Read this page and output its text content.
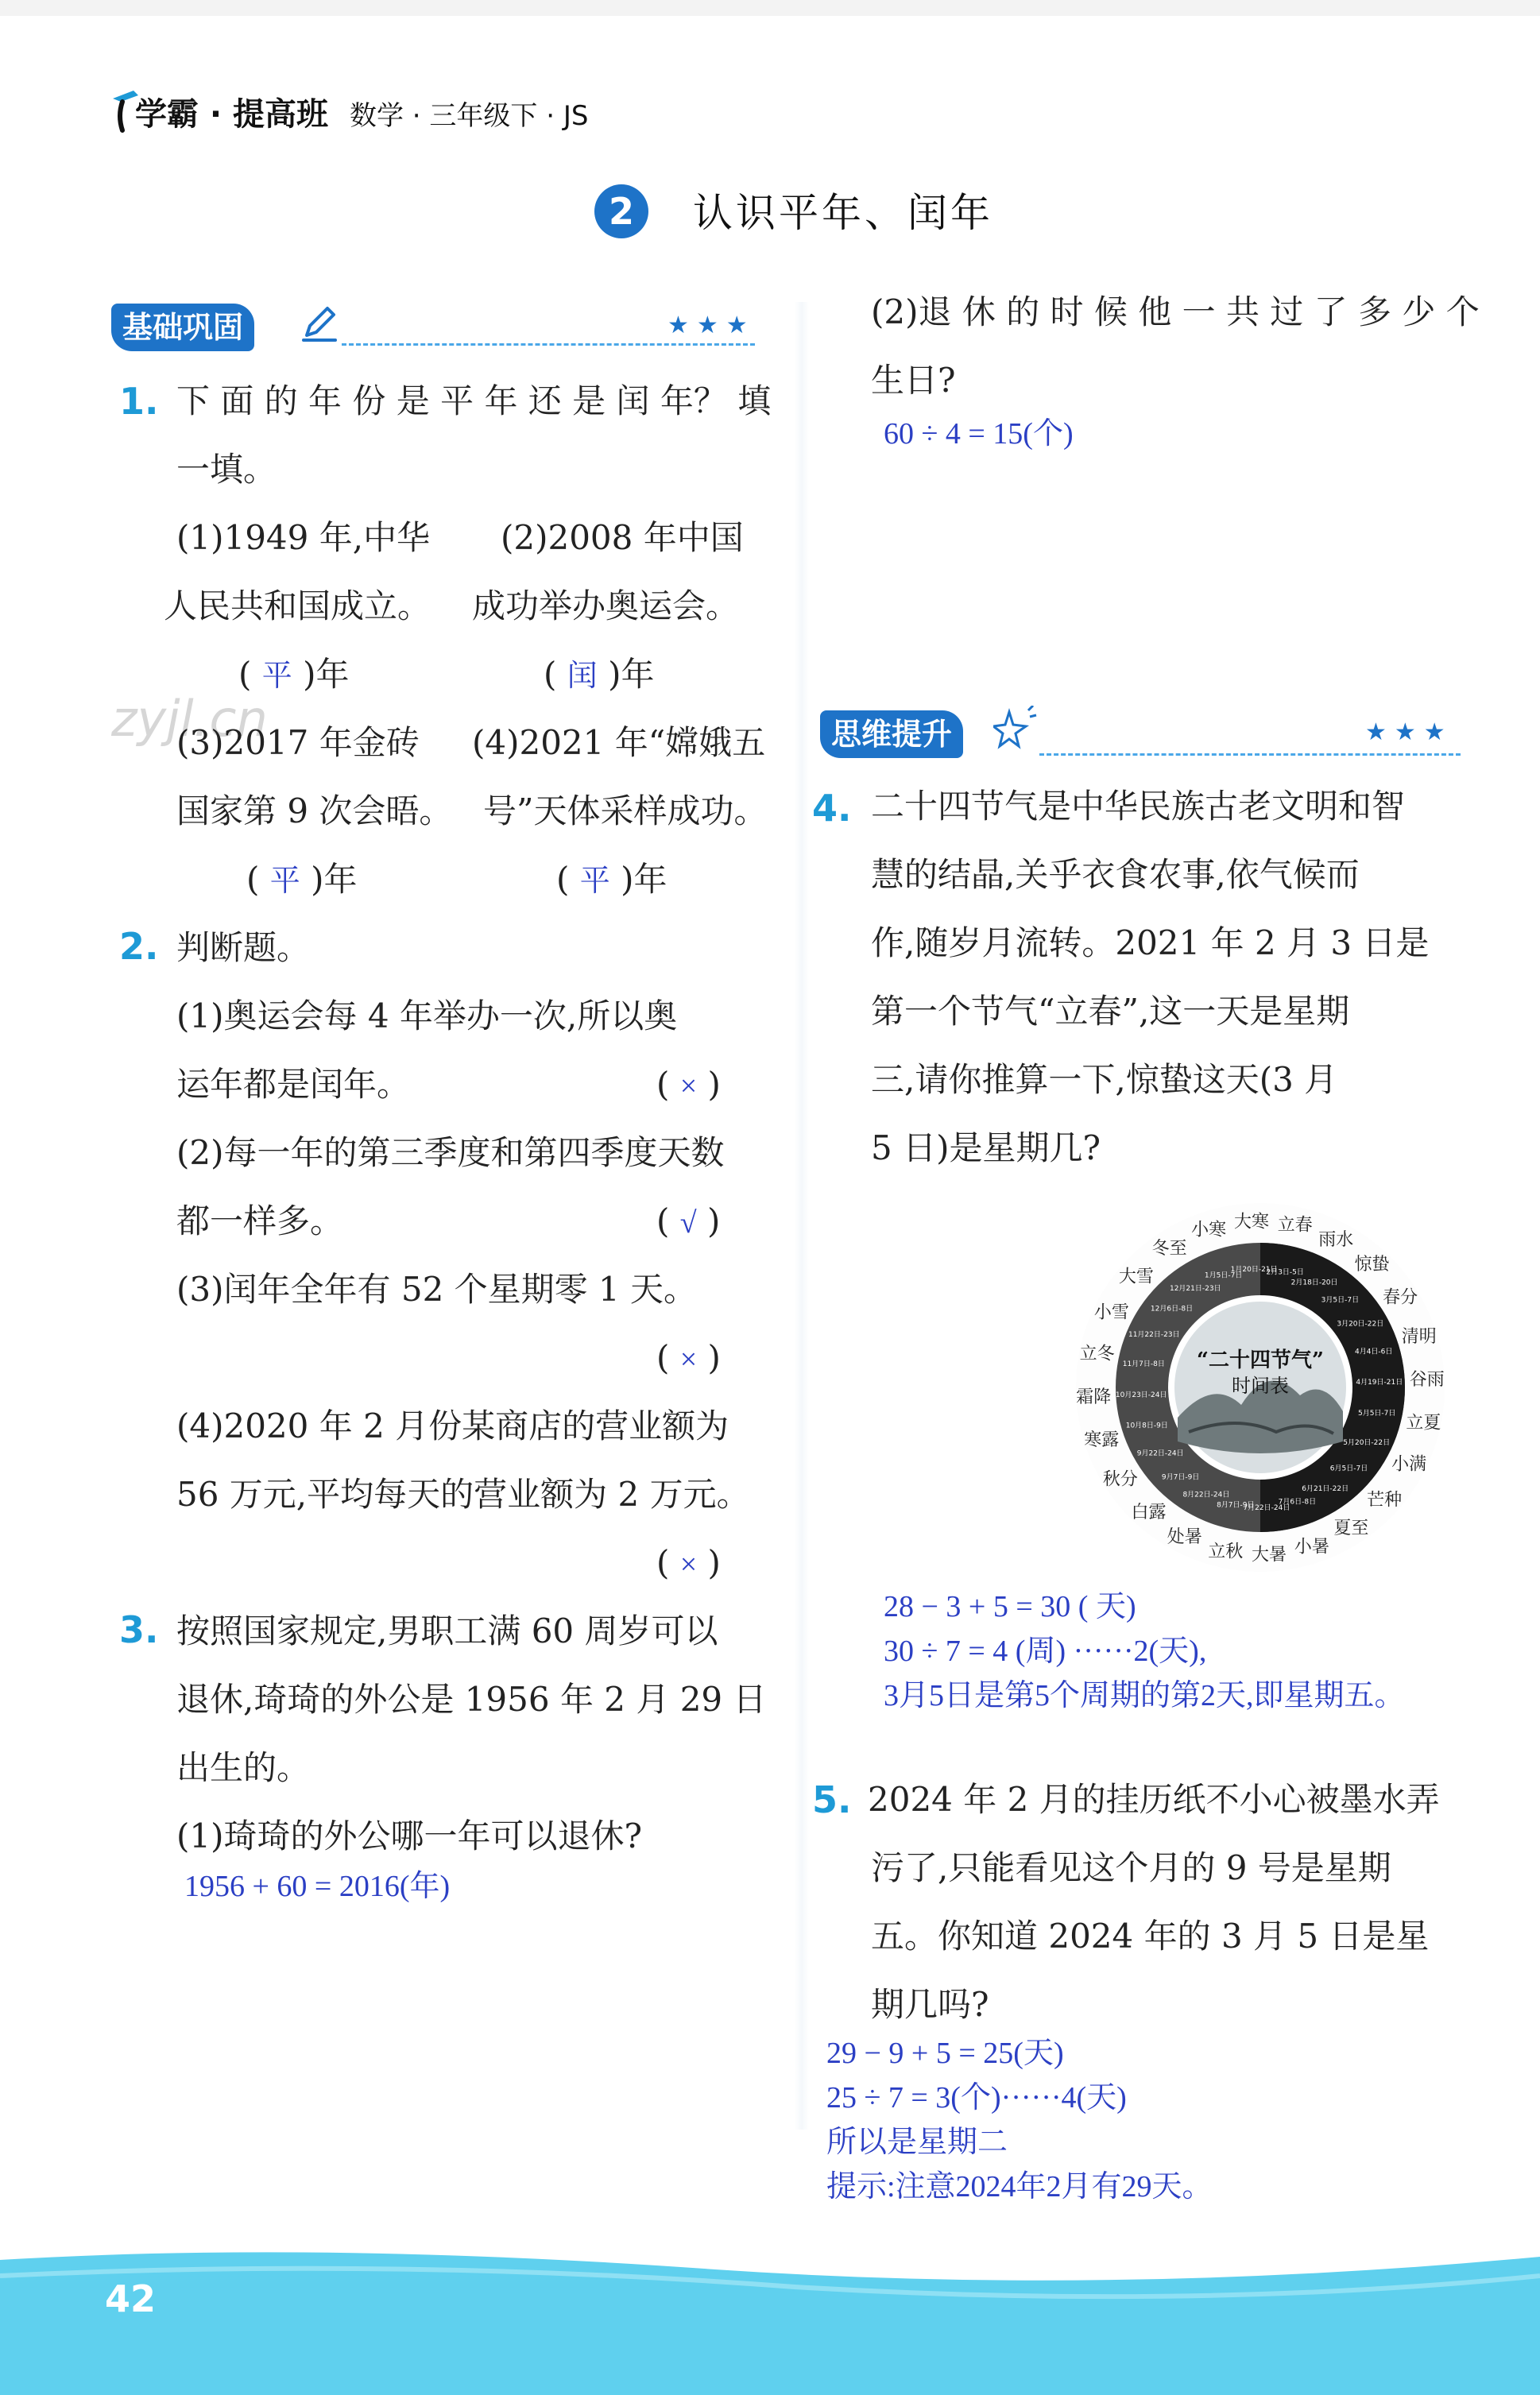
学霸 · 提高班 数学 · 三年级下 · JS
2	认识平年、闰年
zyjl.cn
基础巩固	★★★
1. 下 面 的 年 份 是 平 年 还 是 闰 年？ 填
一填。
(1)1949 年,中华 (2)2008 年中国
人民共和国成立。 成功举办奥运会。
( 平 )年	( 闰 )年
(3)2017 年金砖 (4)2021 年“嫦娥五
国家第 9 次会晤。 号”天体采样成功。
( 平 )年	( 平 )年
2. 判断题。
(1)奥运会每 4 年举办一次,所以奥
运年都是闰年。	( × )
(2)每一年的第三季度和第四季度天数
都一样多。	( √ )
(3)闰年全年有 52 个星期零 1 天。
( × )
(4)2020 年 2 月份某商店的营业额为
56 万元,平均每天的营业额为 2 万元。
( × )
3. 按照国家规定,男职工满 60 周岁可以
退休,琦琦的外公是 1956 年 2 月 29 日
出生的。
(1)琦琦的外公哪一年可以退休?
1956 + 60 = 2016(年)
(2)退 休 的 时 候 他 一 共 过 了 多 少 个
生日?
60 ÷ 4 = 15(个)
思维提升	★★★
4. 二十四节气是中华民族古老文明和智
慧的结晶,关乎衣食农事,依气候而
作,随岁月流转。2021 年 2 月 3 日是
第一个节气“立春”,这一天是星期
三,请你推算一下,惊蛰这天(3 月
5 日)是星期几?
立春
雨水
惊蛰
春分
清明
谷雨
立夏
小满
芒种
夏至
小暑
大暑
立秋
处暑
白露
秋分
寒露
霜降
立冬
小雪
大雪
冬至
小寒 大寒
2月3日-5日
2月18日-20日
3月5日-7日
3月20日-22日
4月4日-6日
4月19日-21日
5月5日-7日
5月20日-22日
6月5日-7日
6月21日-22日
7月6日-8日
7月22日-24日
8月7日-9日
8月22日-24日
9月7日-9日
9月22日-24日
10月8日-9日
10月23日-24日
11月7日-8日
11月22日-23日
12月6日-8日
12月21日-23日
1月5日-7日
1月20日-21日
“二十四节气”
时间表
28 − 3 + 5 = 30 ( 天)
30 ÷ 7 = 4 (周) ······2(天),
3月5日是第5个周期的第2天,即星期五。
5. 2024 年 2 月的挂历纸不小心被墨水弄
污了,只能看见这个月的 9 号是星期
五。你知道 2024 年的 3 月 5 日是星
期几吗?
29 − 9 + 5 = 25(天)
25 ÷ 7 = 3(个)······4(天)
所以是星期二
提示:注意2024年2月有29天。
42
